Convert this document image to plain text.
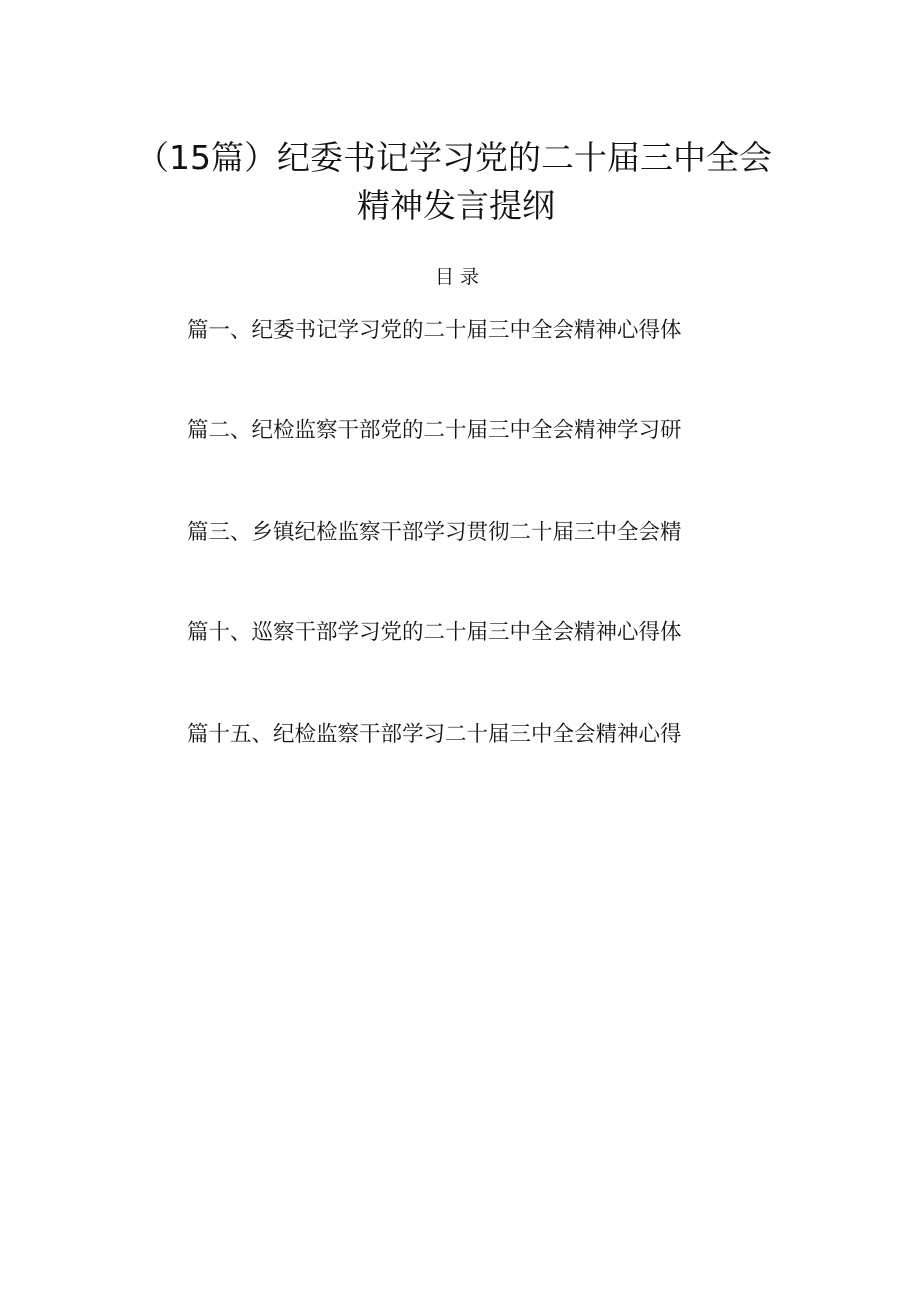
（15篇）纪委书记学习党的二十届三中全会
精神发言提纲
目录
篇一、纪委书记学习党的二十届三中全会精神心得体
篇二、纪检监察干部党的二十届三中全会精神学习研
篇三、乡镇纪检监察干部学习贯彻二十届三中全会精
篇十、巡察干部学习党的二十届三中全会精神心得体
篇十五、纪检监察干部学习二十届三中全会精神心得
